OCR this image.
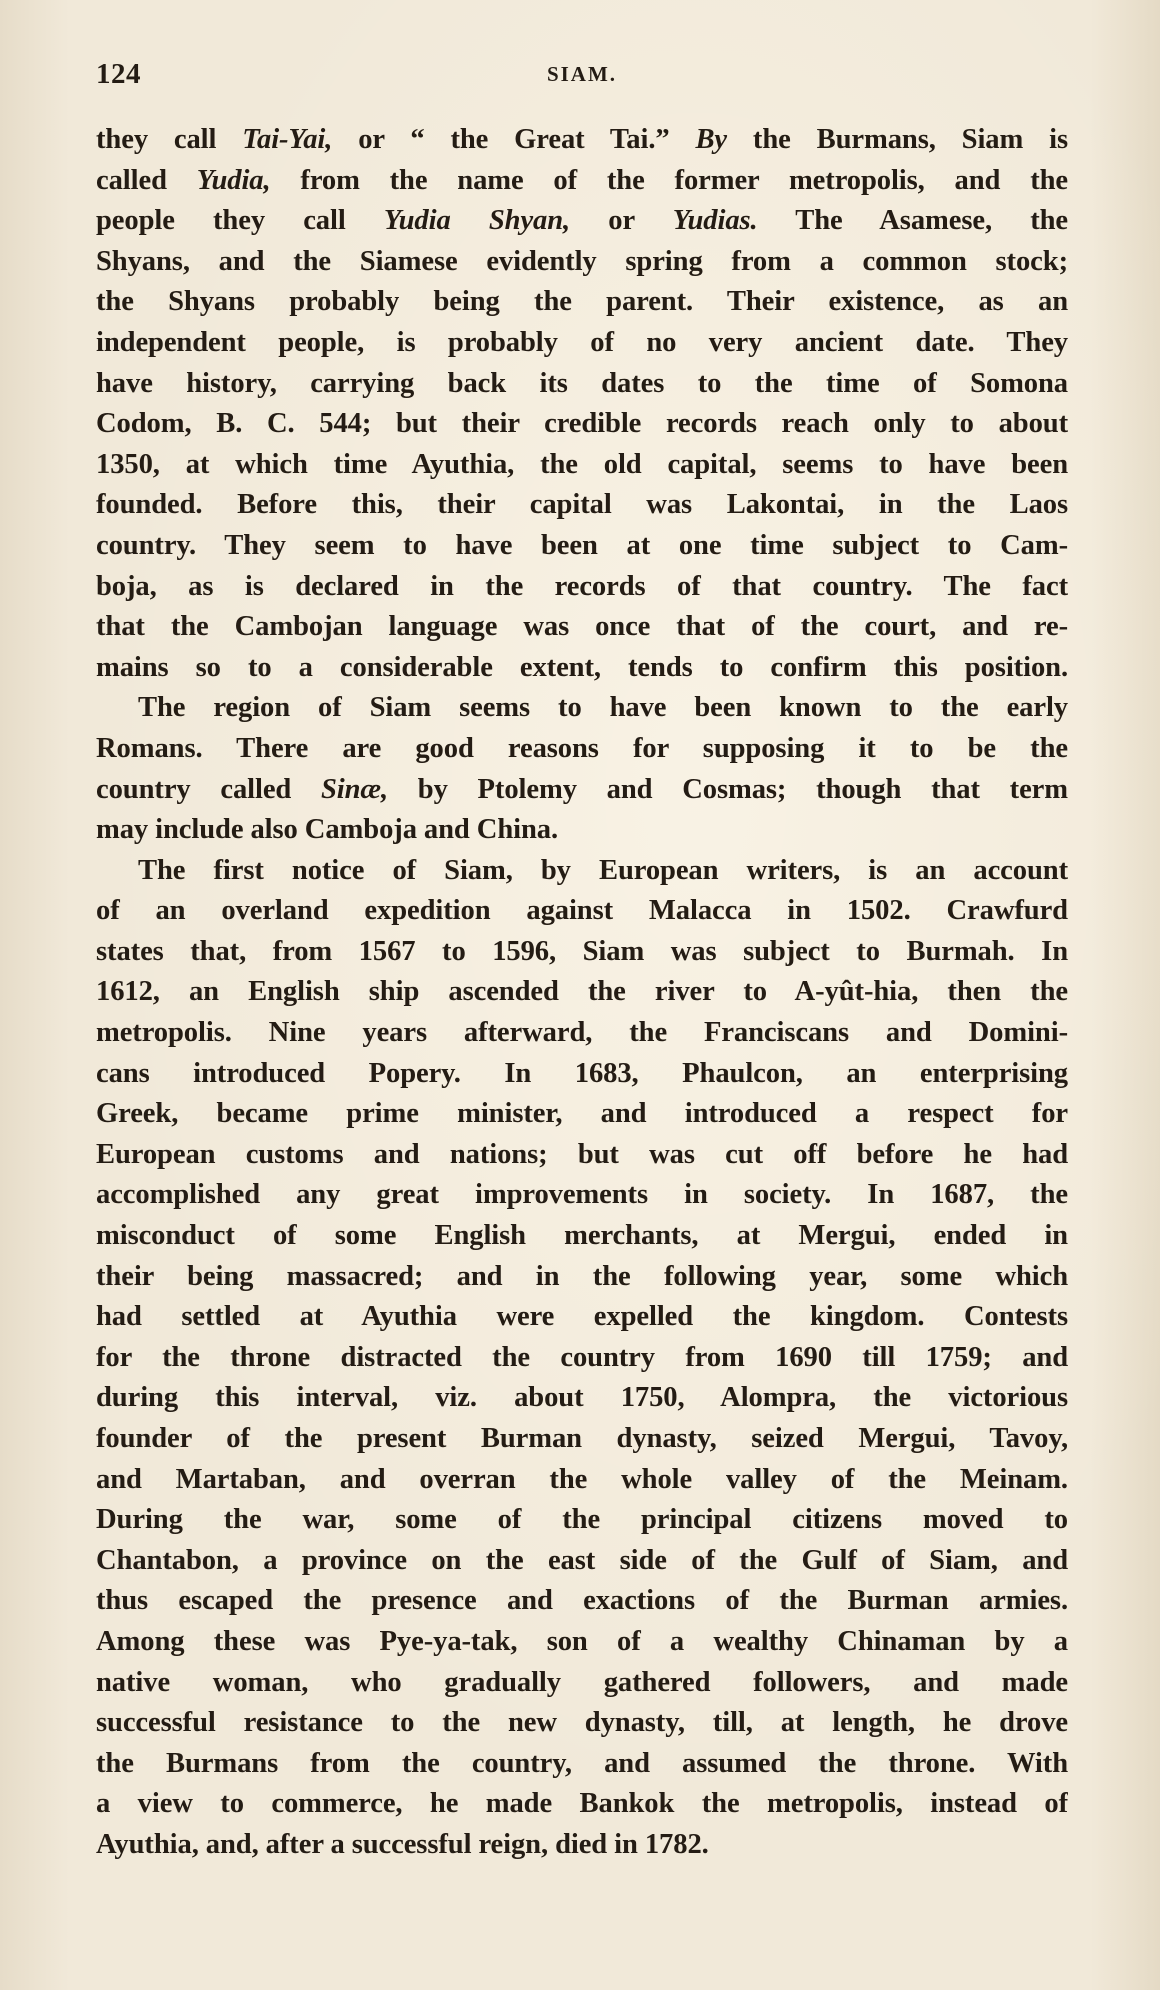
124	SIAM.
they call Tai-Yai, or “ the Great Tai.” By the Burmans, Siam is
called Yudia, from the name of the former metropolis, and the
people they call Yudia Shyan, or Yudias. The Asamese, the
Shyans, and the Siamese evidently spring from a common stock;
the Shyans probably being the parent. Their existence, as an
independent people, is probably of no very ancient date. They
have history, carrying back its dates to the time of Somona
Codom, B. C. 544; but their credible records reach only to about
1350, at which time Ayuthia, the old capital, seems to have been
founded. Before this, their capital was Lakontai, in the Laos
country. They seem to have been at one time subject to Cam-
boja, as is declared in the records of that country. The fact
that the Cambojan language was once that of the court, and re-
mains so to a considerable extent, tends to confirm this position.
The region of Siam seems to have been known to the early
Romans. There are good reasons for supposing it to be the
country called Sinæ, by Ptolemy and Cosmas; though that term
may include also Camboja and China.
The first notice of Siam, by European writers, is an account
of an overland expedition against Malacca in 1502. Crawfurd
states that, from 1567 to 1596, Siam was subject to Burmah. In
1612, an English ship ascended the river to A-yût-hia, then the
metropolis. Nine years afterward, the Franciscans and Domini-
cans introduced Popery. In 1683, Phaulcon, an enterprising
Greek, became prime minister, and introduced a respect for
European customs and nations; but was cut off before he had
accomplished any great improvements in society. In 1687, the
misconduct of some English merchants, at Mergui, ended in
their being massacred; and in the following year, some which
had settled at Ayuthia were expelled the kingdom. Contests
for the throne distracted the country from 1690 till 1759; and
during this interval, viz. about 1750, Alompra, the victorious
founder of the present Burman dynasty, seized Mergui, Tavoy,
and Martaban, and overran the whole valley of the Meinam.
During the war, some of the principal citizens moved to
Chantabon, a province on the east side of the Gulf of Siam, and
thus escaped the presence and exactions of the Burman armies.
Among these was Pye-ya-tak, son of a wealthy Chinaman by a
native woman, who gradually gathered followers, and made
successful resistance to the new dynasty, till, at length, he drove
the Burmans from the country, and assumed the throne. With
a view to commerce, he made Bankok the metropolis, instead of
Ayuthia, and, after a successful reign, died in 1782.
